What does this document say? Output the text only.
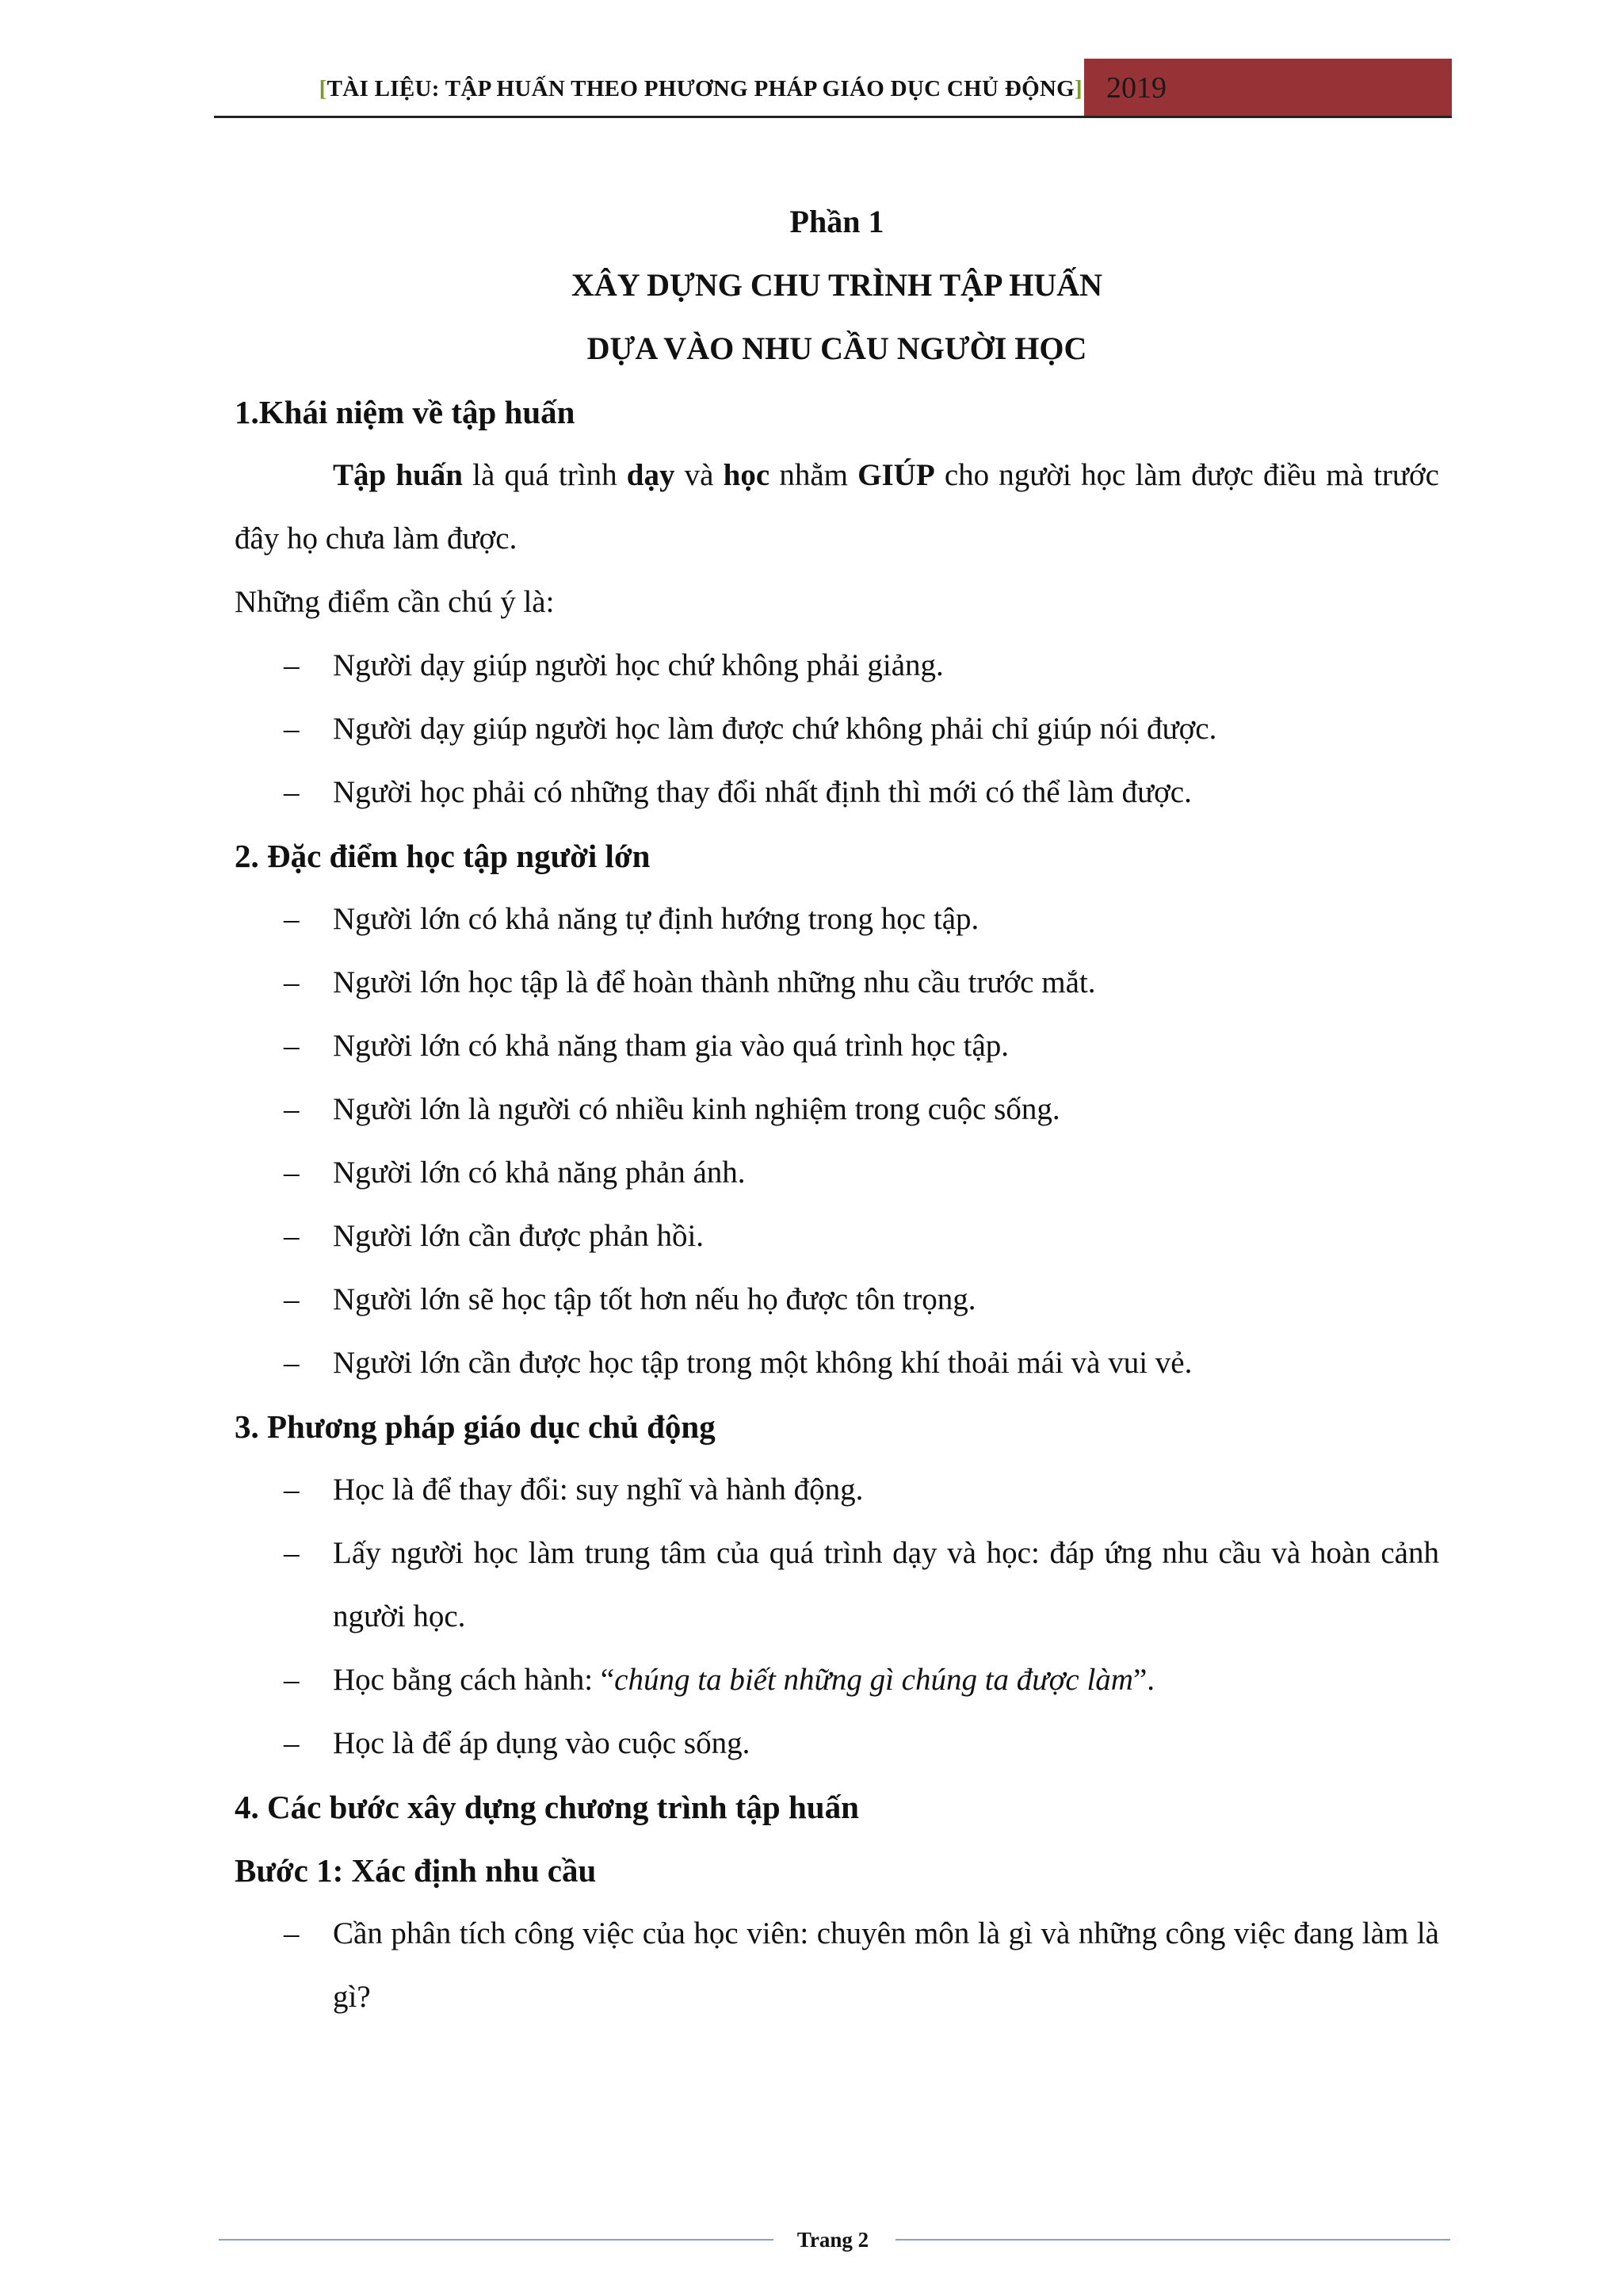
[TÀI LIỆU: TẬP HUẤN THEO PHƯƠNG PHÁP GIÁO DỤC CHỦ ĐỘNG] 2019
Phần 1
XÂY DỰNG CHU TRÌNH TẬP HUẤN
DỰA VÀO NHU CẦU NGƯỜI HỌC
1.Khái niệm về tập huấn
Tập huấn là quá trình dạy và học nhằm GIÚP cho người học làm được điều mà trước đây họ chưa làm được.
Những điểm cần chú ý là:
– Người dạy giúp người học chứ không phải giảng.
– Người dạy giúp người học làm được chứ không phải chỉ giúp nói được.
– Người học phải có những thay đổi nhất định thì mới có thể làm được.
2. Đặc điểm học tập người lớn
– Người lớn có khả năng tự định hướng trong học tập.
– Người lớn học tập là để hoàn thành những nhu cầu trước mắt.
– Người lớn có khả năng tham gia vào quá trình học tập.
– Người lớn là người có nhiều kinh nghiệm trong cuộc sống.
– Người lớn có khả năng phản ánh.
– Người lớn cần được phản hồi.
– Người lớn sẽ học tập tốt hơn nếu họ được tôn trọng.
– Người lớn cần được học tập trong một không khí thoải mái và vui vẻ.
3. Phương pháp giáo dục chủ động
– Học là để thay đổi: suy nghĩ và hành động.
– Lấy người học làm trung tâm của quá trình dạy và học: đáp ứng nhu cầu và hoàn cảnh người học.
– Học bằng cách hành: “chúng ta biết những gì chúng ta được làm”.
– Học là để áp dụng vào cuộc sống.
4. Các bước xây dựng chương trình tập huấn
Bước 1: Xác định nhu cầu
– Cần phân tích công việc của học viên: chuyên môn là gì và những công việc đang làm là gì?
Trang 2
